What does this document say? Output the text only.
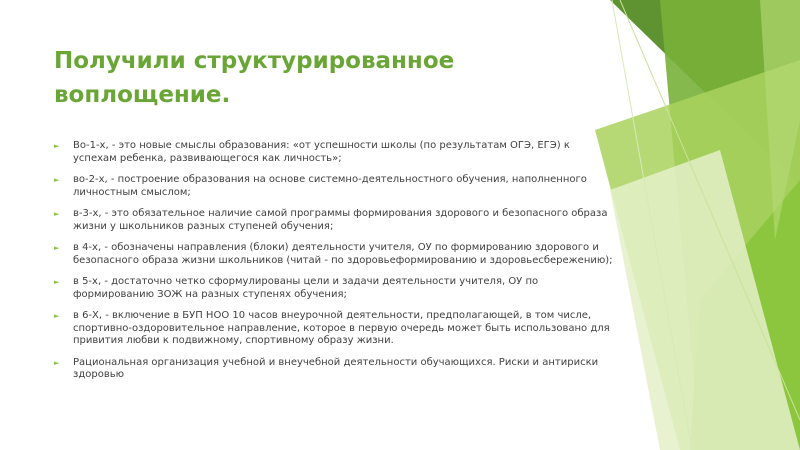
Получили структурированное воплощение.
► Во-1-х, - это новые смыслы образования: «от успешности школы (по результатам ОГЭ, ЕГЭ) к успехам ребенка, развивающегося как личность»;
► во-2-х, - построение образования на основе системно-деятельностного обучения, наполненного личностным смыслом;
► в-3-х, - это обязательное наличие самой программы формирования здорового и безопасного образа жизни у школьников разных ступеней обучения;
► в 4-х, - обозначены направления (блоки) деятельности учителя, ОУ по формированию здорового и безопасного образа жизни школьников (читай - по здоровьеформированию и здоровьесбережению);
► в 5-х, - достаточно четко сформулированы цели и задачи деятельности учителя, ОУ по формированию ЗОЖ на разных ступенях обучения;
► в 6-Х, - включение в БУП НОО 10 часов внеурочной деятельности, предполагающей, в том числе, спортивно-оздоровительное направление, которое в первую очередь может быть использовано для привития любви к подвижному, спортивному образу жизни.
► Рациональная организация учебной и внеучебной деятельности обучающихся. Риски и антириски здоровью
